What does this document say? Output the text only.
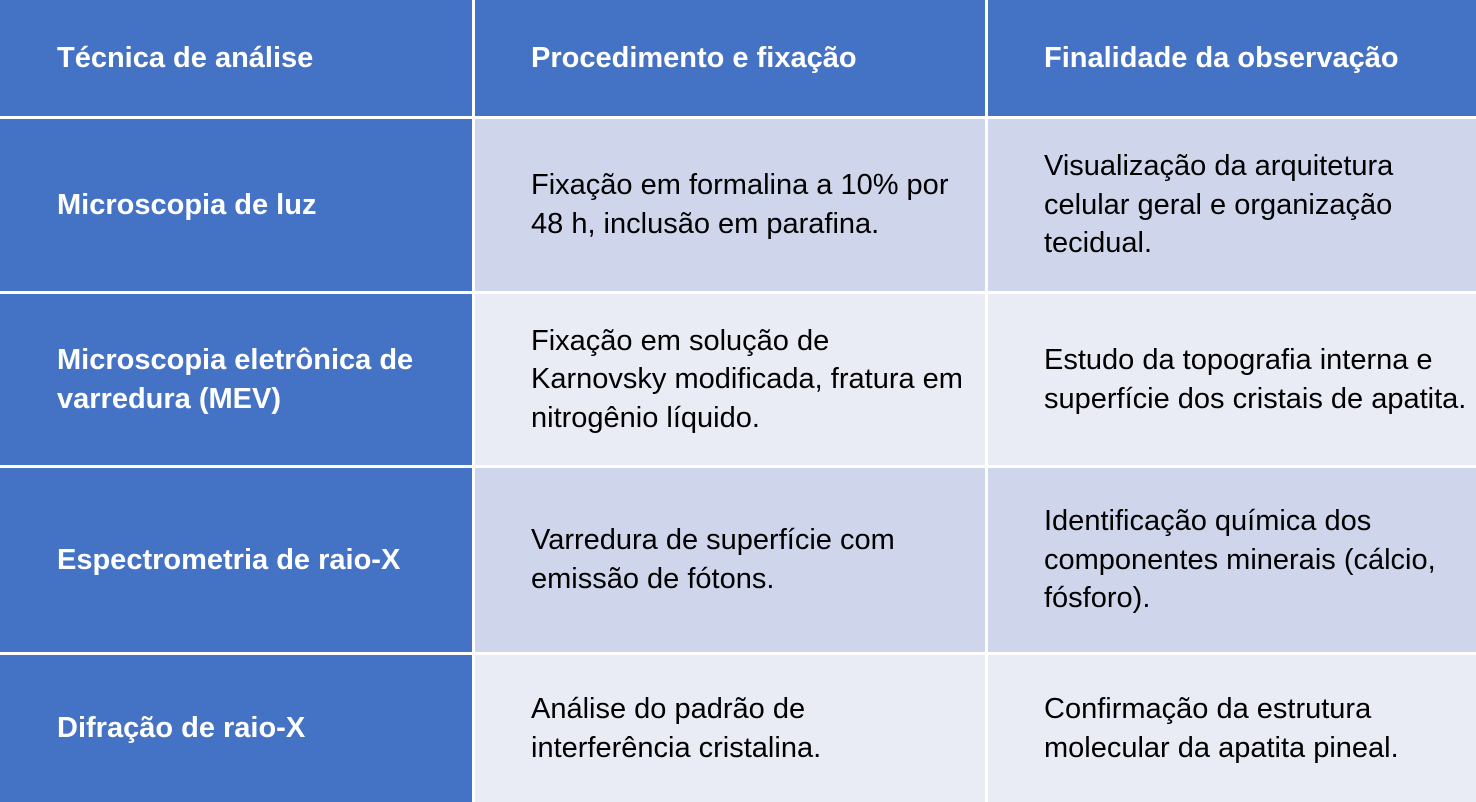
Técnica de análise	Procedimento e fixação	Finalidade da observação
Microscopia de luz
Fixação em formalina a 10% por 48 h, inclusão em parafina.
Visualização da arquitetura celular geral e organização tecidual.
Microscopia eletrônica de varredura (MEV)
Fixação em solução de Karnovsky modificada, fratura em nitrogênio líquido.
Estudo da topografia interna e superfície dos cristais de apatita.
Espectrometria de raio-X
Varredura de superfície com emissão de fótons.
Identificação química dos componentes minerais (cálcio, fósforo).
Difração de raio-X
Análise do padrão de interferência cristalina.
Confirmação da estrutura molecular da apatita pineal.
